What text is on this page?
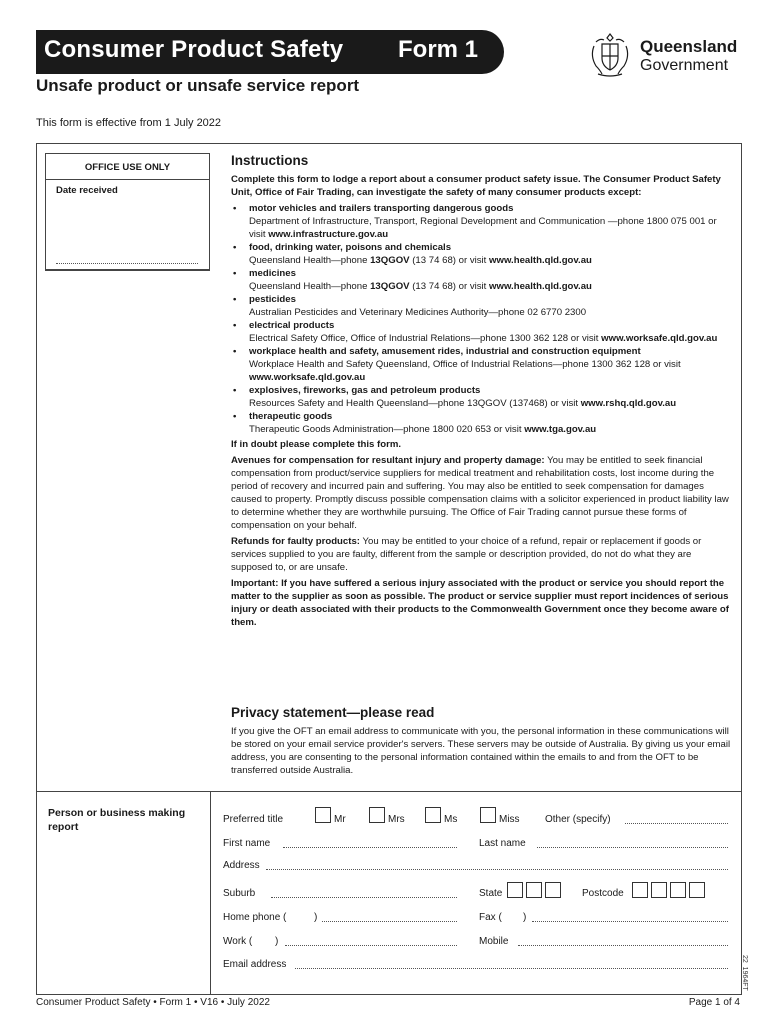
Consumer Product Safety Form 1	Queensland
Government
Unsafe product or unsafe service report
This form is effective from 1 July 2022
OFFICE USE ONLY
Date received
Instructions

Complete this form to lodge a report about a consumer product safety issue. The Consumer Product Safety Unit, Office of Fair Trading, can investigate the safety of many consumer products except:

• motor vehicles and trailers transporting dangerous goods
Department of Infrastructure, Transport, Regional Development and Communication —phone 1800 075 001 or visit www.infrastructure.gov.au
• food, drinking water, poisons and chemicals
Queensland Health—phone 13QGOV (13 74 68) or visit www.health.qld.gov.au
• medicines
Queensland Health—phone 13QGOV (13 74 68) or visit www.health.qld.gov.au
• pesticides
Australian Pesticides and Veterinary Medicines Authority—phone 02 6770 2300
• electrical products
Electrical Safety Office, Office of Industrial Relations—phone 1300 362 128 or visit www.worksafe.qld.gov.au
• workplace health and safety, amusement rides, industrial and construction equipment
Workplace Health and Safety Queensland, Office of Industrial Relations—phone 1300 362 128 or visit www.worksafe.qld.gov.au
• explosives, fireworks, gas and petroleum products
Resources Safety and Health Queensland—phone 13QGOV (137468) or visit www.rshq.qld.gov.au
• therapeutic goods
Therapeutic Goods Administration—phone 1800 020 653 or visit www.tga.gov.au

If in doubt please complete this form.

Avenues for compensation for resultant injury and property damage: You may be entitled to seek financial compensation from product/service suppliers for medical treatment and rehabilitation costs, lost income during the period of recovery and incurred pain and suffering. You may also be entitled to seek compensation for damages caused to property. Promptly discuss possible compensation claims with a solicitor experienced in product liability law to determine whether they are worthwhile pursuing. The Office of Fair Trading cannot pursue these forms of compensation on your behalf.

Refunds for faulty products: You may be entitled to your choice of a refund, repair or replacement if goods or services supplied to you are faulty, different from the sample or description provided, do not do what they are supposed to, or are unsafe.

Important: If you have suffered a serious injury associated with the product or service you should report the matter to the supplier as soon as possible. The product or service supplier must report incidences of serious injury or death associated with their products to the Commonwealth Government once they become aware of them.

Privacy statement—please read

If you give the OFT an email address to communicate with you, the personal information in these communications will be stored on your email service provider's servers. These servers may be outside of Australia. By giving us your email address, you are consenting to the personal information contained within the emails to and from the OFT to be transferred outside Australia.

Person or business making report
Preferred title	Mr	Mrs	Ms	Miss	Other (specify)
First name	Last name
Address
Suburb	State	Postcode
Home phone (	)	Fax ( )
Work ( )	Mobile
Email address
Consumer Product Safety • Form 1 • V16 • July 2022	Page 1 of 4
22_1964FT
